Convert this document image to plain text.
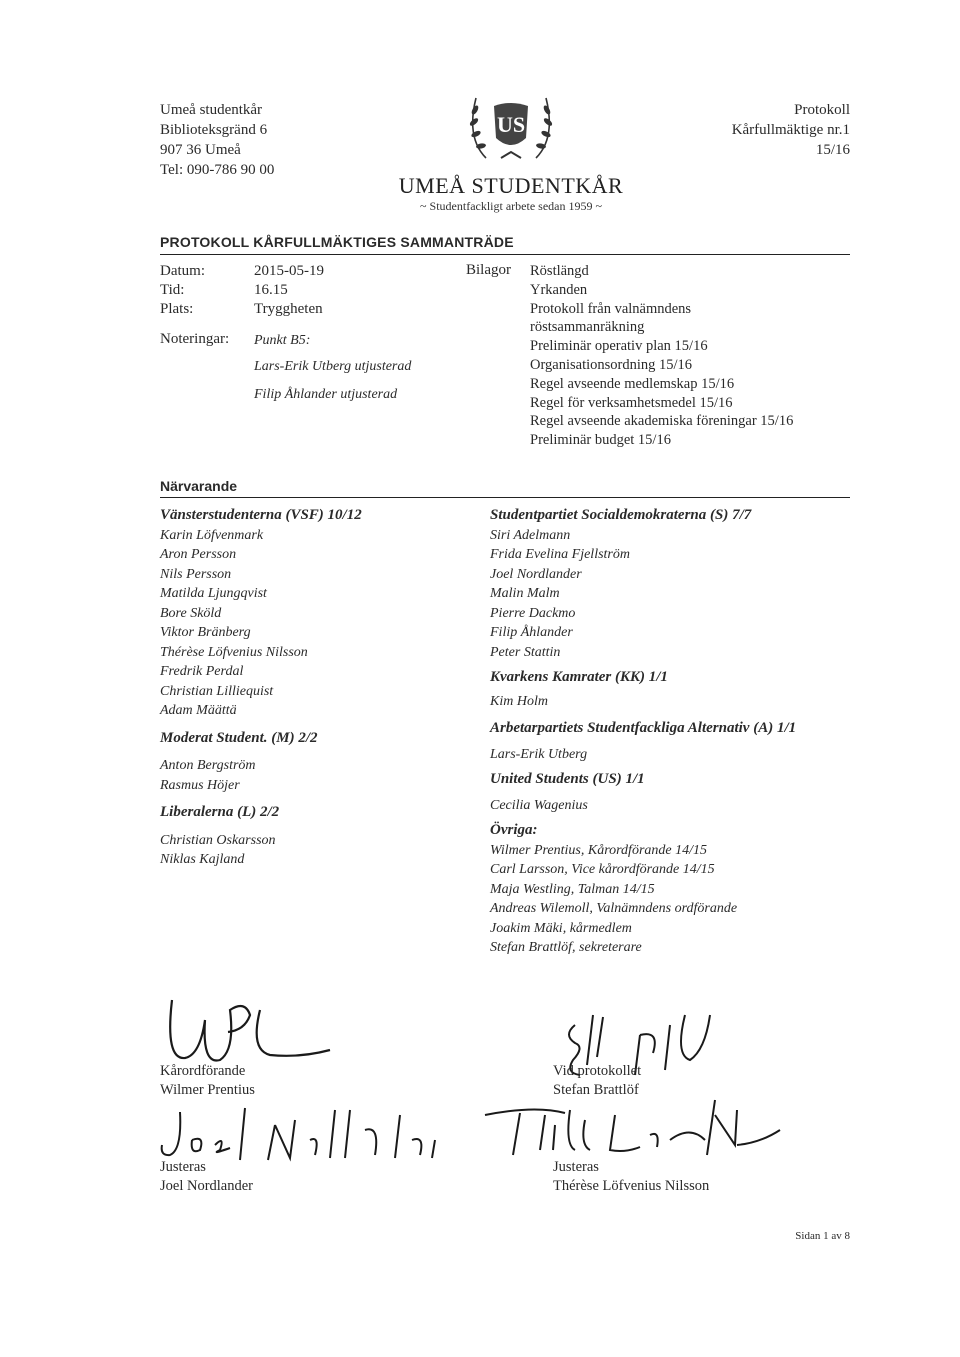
Umeå studentkår
Biblioteksgränd 6
907 36 Umeå
Tel: 090-786 90 00
US
UMEÅ STUDENTKÅR
~ Studentfackligt arbete sedan 1959 ~
Protokoll
Kårfullmäktige nr.1
15/16
PROTOKOLL KÅRFULLMÄKTIGES SAMMANTRÄDE
Datum:	2015-05-19
Tid:	16.15
Plats:	Tryggheten
Noteringar: Punkt B5:
Lars-Erik Utberg utjusterad
Filip Åhlander utjusterad
Bilagor Röstlängd
Yrkanden
Protokoll från valnämndens
röstsammanräkning
Preliminär operativ plan 15/16
Organisationsordning 15/16
Regel avseende medlemskap 15/16
Regel för verksamhetsmedel 15/16
Regel avseende akademiska föreningar 15/16
Preliminär budget 15/16
Närvarande
Vänsterstudenterna (VSF) 10/12
Karin Löfvenmark
Aron Persson
Nils Persson
Matilda Ljungqvist
Bore Sköld
Viktor Bränberg
Thérèse Löfvenius Nilsson
Fredrik Perdal
Christian Lilliequist
Adam Määttä
Moderat Student. (M) 2/2
Anton Bergström
Rasmus Höjer
Liberalerna (L) 2/2
Christian Oskarsson
Niklas Kajland
Studentpartiet Socialdemokraterna (S) 7/7
Siri Adelmann
Frida Evelina Fjellström
Joel Nordlander
Malin Malm
Pierre Dackmo
Filip Åhlander
Peter Stattin
Kvarkens Kamrater (KK) 1/1
Kim Holm
Arbetarpartiets Studentfackliga Alternativ (A) 1/1
Lars-Erik Utberg
United Students (US) 1/1
Cecilia Wagenius
Övriga:
Wilmer Prentius, Kårordförande 14/15
Carl Larsson, Vice kårordförande 14/15
Maja Westling, Talman 14/15
Andreas Wilemoll, Valnämndens ordförande
Joakim Mäki, kårmedlem
Stefan Brattlöf, sekreterare
Kårordförande
Wilmer Prentius
Vid protokollet
Stefan Brattlöf
Justeras
Joel Nordlander
Justeras
Thérèse Löfvenius Nilsson
Sidan 1 av 8
